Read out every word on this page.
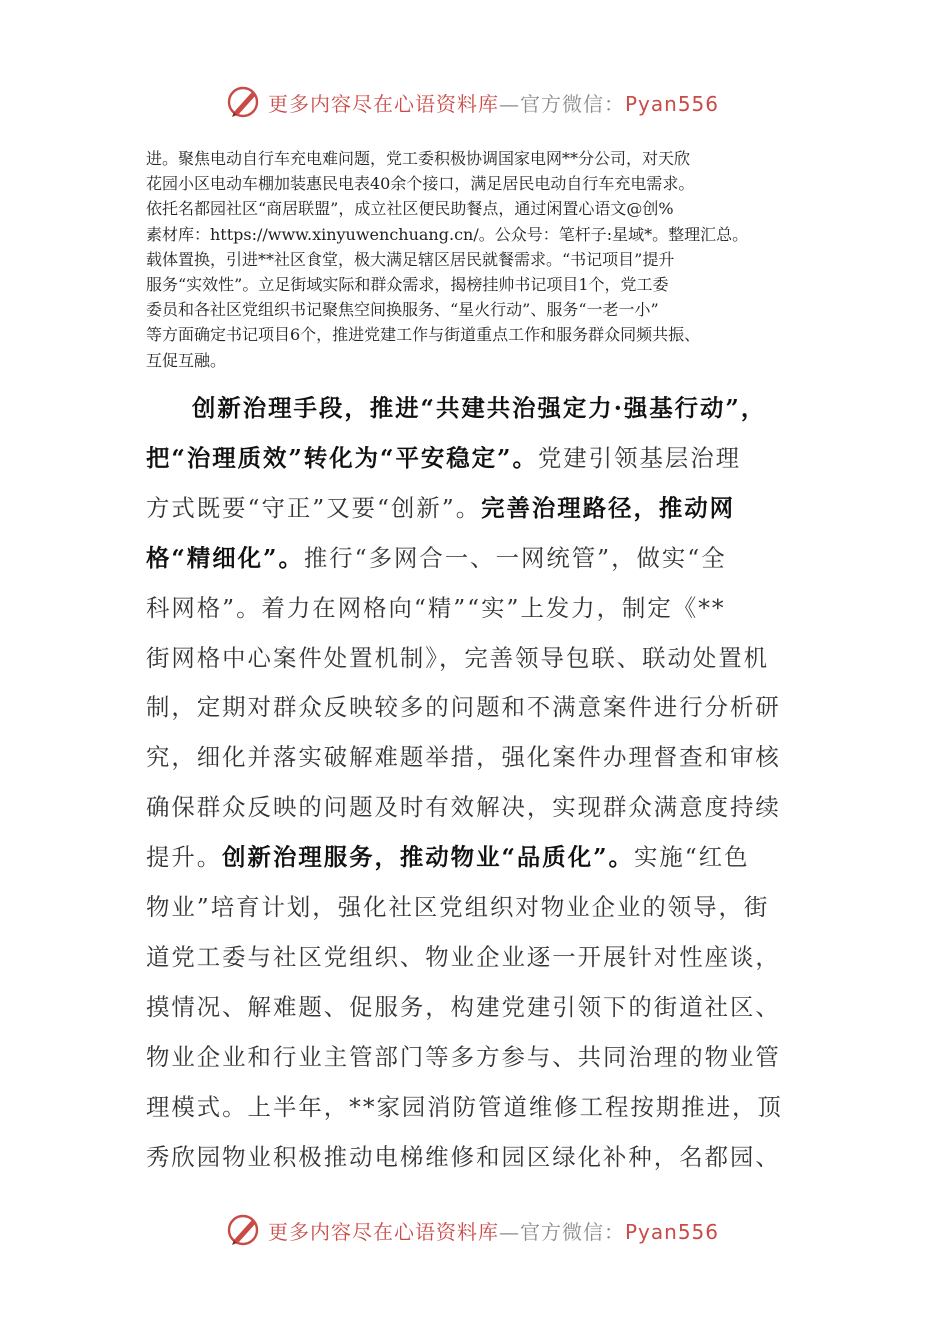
更多内容尽在心语资料库—官方微信：Pyan556

进。聚焦电动自行车充电难问题，党工委积极协调国家电网**分公司，对天欣

花园小区电动车棚加装惠民电表40余个接口，满足居民电动自行车充电需求。

依托名都园社区“商居联盟”，成立社区便民助餐点，通过闲置心语文@创%

素材库：https://www.xinyuwenchuang.cn/。公众号：笔杆子:星域*。整理汇总。

载体置换，引进**社区食堂，极大满足辖区居民就餐需求。“书记项目”提升

服务“实效性”。立足街域实际和群众需求，揭榜挂帅书记项目1个，党工委

委员和各社区党组织书记聚焦空间换服务、“星火行动”、服务“一老一小”

等方面确定书记项目6个，推进党建工作与街道重点工作和服务群众同频共振、

互促互融。

创新治理手段，推进“共建共治强定力·强基行动”，

把“治理质效”转化为“平安稳定”。党建引领基层治理

方式既要“守正”又要“创新”。完善治理路径，推动网

格“精细化”。推行“多网合一、一网统管”，做实“全

科网格”。着力在网格向“精”“实”上发力，制定《**

街网格中心案件处置机制》，完善领导包联、联动处置机

制，定期对群众反映较多的问题和不满意案件进行分析研

究，细化并落实破解难题举措，强化案件办理督查和审核

确保群众反映的问题及时有效解决，实现群众满意度持续

提升。创新治理服务，推动物业“品质化”。实施“红色

物业”培育计划，强化社区党组织对物业企业的领导，街

道党工委与社区党组织、物业企业逐一开展针对性座谈，

摸情况、解难题、促服务，构建党建引领下的街道社区、

物业企业和行业主管部门等多方参与、共同治理的物业管

理模式。上半年，**家园消防管道维修工程按期推进，顶

秀欣园物业积极推动电梯维修和园区绿化补种，名都园、

更多内容尽在心语资料库—官方微信：Pyan556
